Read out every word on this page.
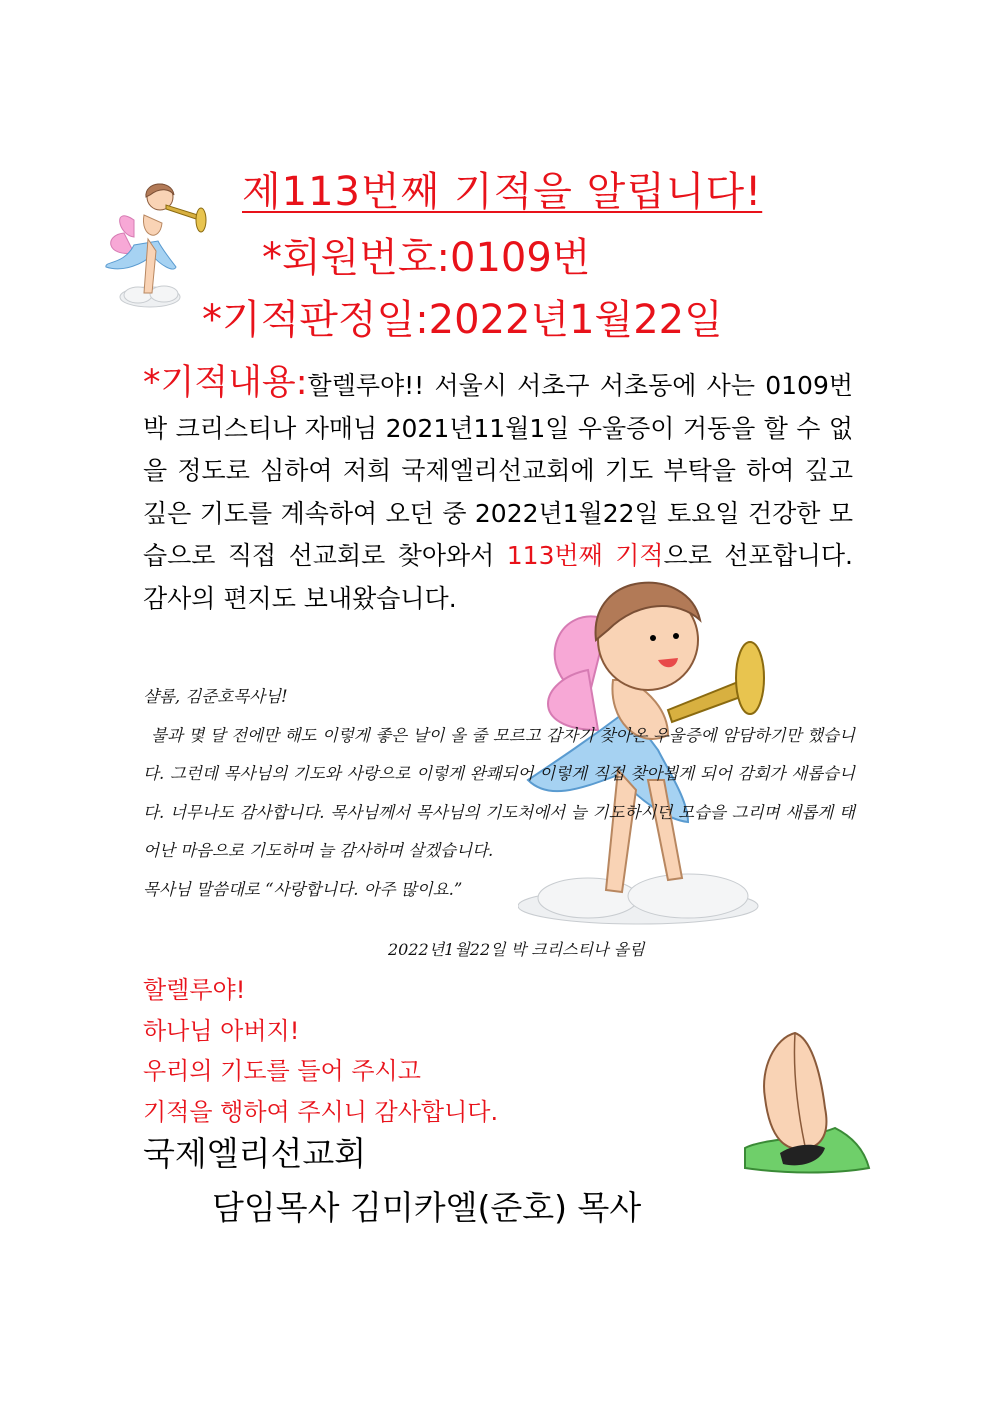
제113번째 기적을 알립니다!
*회원번호:0109번
*기적판정일:2022년1월22일
*기적내용:할렐루야!! 서울시 서초구 서초동에 사는 0109번 박 크리스티나 자매님 2021년11월1일 우울증이 거동을 할 수 없을 정도로 심하여 저희 국제엘리선교회에 기도 부탁을 하여 깊고 깊은 기도를 계속하여 오던 중 2022년1월22일 토요일 건강한 모습으로 직접 선교회로 찾아와서 113번째 기적으로 선포합니다. 감사의 편지도 보내왔습니다.

샬롬, 김준호목사님!

불과 몇 달 전에만 해도 이렇게 좋은 날이 올 줄 모르고 갑자기 찾아온 우울증에 암담하기만 했습니다. 그런데 목사님의 기도와 사랑으로 이렇게 완쾌되어 이렇게 직접 찾아뵙게 되어 감회가 새롭습니다. 너무나도 감사합니다. 목사님께서 목사님의 기도처에서 늘 기도하시던 모습을 그리며 새롭게 태어난 마음으로 기도하며 늘 감사하며 살겠습니다.

목사님 말씀대로 “사랑합니다. 아주 많이요.”

2022년1월22일 박 크리스티나 올림
할렐루야!
하나님 아버지!
우리의 기도를 들어 주시고
기적을 행하여 주시니 감사합니다.
국제엘리선교회
담임목사 김미카엘(준호) 목사
